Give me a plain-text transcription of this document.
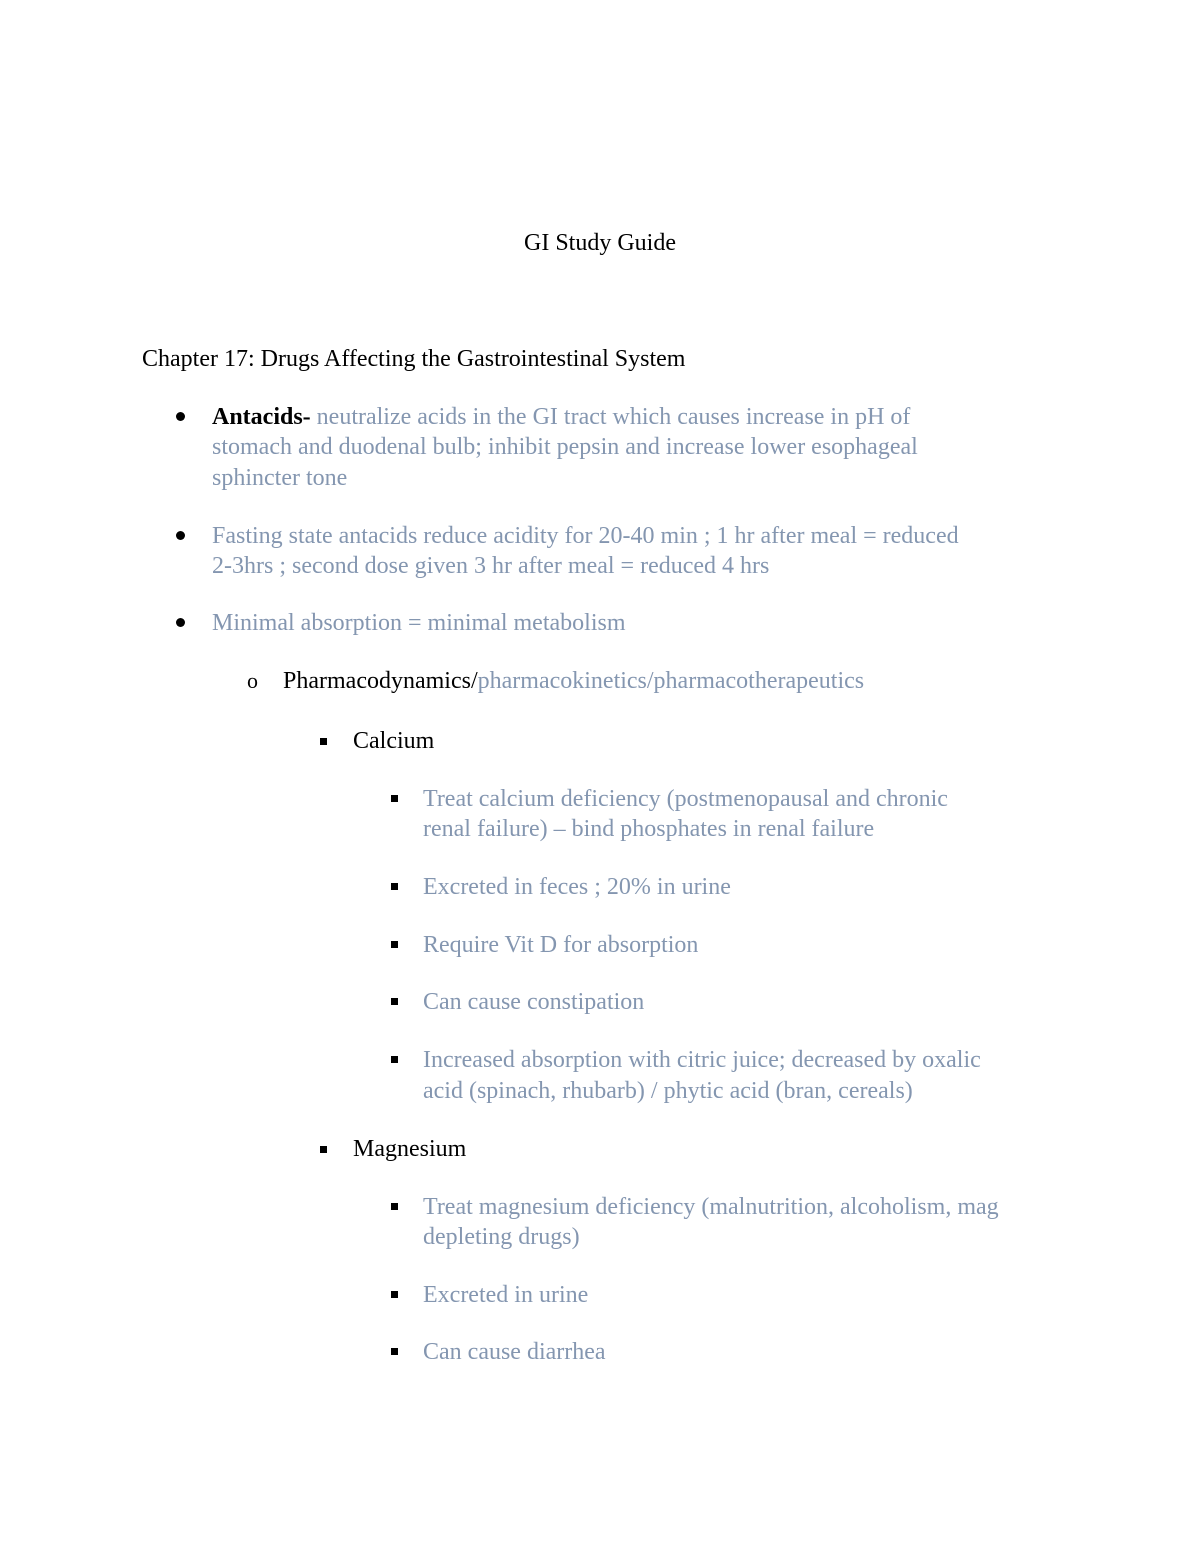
GI Study Guide
Chapter 17: Drugs Affecting the Gastrointestinal System
Antacids- neutralize acids in the GI tract which causes increase in pH of
stomach and duodenal bulb; inhibit pepsin and increase lower esophageal
sphincter tone
Fasting state antacids reduce acidity for 20-40 min ; 1 hr after meal = reduced
2-3hrs ; second dose given 3 hr after meal = reduced 4 hrs
Minimal absorption = minimal metabolism
o Pharmacodynamics/pharmacokinetics/pharmacotherapeutics
Calcium
Treat calcium deficiency (postmenopausal and chronic
renal failure) – bind phosphates in renal failure
Excreted in feces ; 20% in urine
Require Vit D for absorption
Can cause constipation
Increased absorption with citric juice; decreased by oxalic
acid (spinach, rhubarb) / phytic acid (bran, cereals)
Magnesium
Treat magnesium deficiency (malnutrition, alcoholism, mag
depleting drugs)
Excreted in urine
Can cause diarrhea
